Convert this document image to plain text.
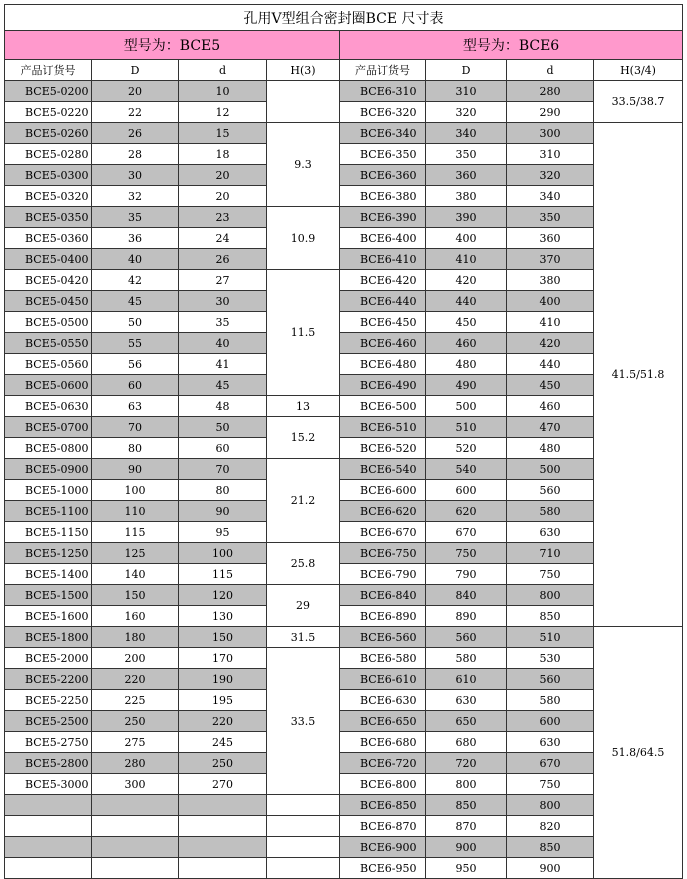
孔用V型组合密封圈BCE 尺寸表							
型号为：BCE5				型号为：BCE6			
产品订货号	D	d	H(3)	产品订货号	D	d	H(3/4)
BCE5-0200	20	10		BCE6-310	310	280	33.5/38.7
BCE5-0220	22	12		BCE6-320	320	290	
BCE5-0260	26	15	9.3	BCE6-340	340	300	41.5/51.8
BCE5-0280	28	18		BCE6-350	350	310	
BCE5-0300	30	20		BCE6-360	360	320	
BCE5-0320	32	20		BCE6-380	380	340	
BCE5-0350	35	23	10.9	BCE6-390	390	350	
BCE5-0360	36	24		BCE6-400	400	360	
BCE5-0400	40	26		BCE6-410	410	370	
BCE5-0420	42	27	11.5	BCE6-420	420	380	
BCE5-0450	45	30		BCE6-440	440	400	
BCE5-0500	50	35		BCE6-450	450	410	
BCE5-0550	55	40		BCE6-460	460	420	
BCE5-0560	56	41		BCE6-480	480	440	
BCE5-0600	60	45		BCE6-490	490	450	
BCE5-0630	63	48	13	BCE6-500	500	460	
BCE5-0700	70	50	15.2	BCE6-510	510	470	
BCE5-0800	80	60		BCE6-520	520	480	
BCE5-0900	90	70	21.2	BCE6-540	540	500	
BCE5-1000	100	80		BCE6-600	600	560	
BCE5-1100	110	90		BCE6-620	620	580	
BCE5-1150	115	95		BCE6-670	670	630	
BCE5-1250	125	100	25.8	BCE6-750	750	710	
BCE5-1400	140	115		BCE6-790	790	750	
BCE5-1500	150	120	29	BCE6-840	840	800	
BCE5-1600	160	130		BCE6-890	890	850	
BCE5-1800	180	150	31.5	BCE6-560	560	510	51.8/64.5
BCE5-2000	200	170	33.5	BCE6-580	580	530	
BCE5-2200	220	190		BCE6-610	610	560	
BCE5-2250	225	195		BCE6-630	630	580	
BCE5-2500	250	220		BCE6-650	650	600	
BCE5-2750	275	245		BCE6-680	680	630	
BCE5-2800	280	250		BCE6-720	720	670	
BCE5-3000	300	270		BCE6-800	800	750	
				BCE6-850	850	800	
				BCE6-870	870	820	
				BCE6-900	900	850	
				BCE6-950	950	900	
